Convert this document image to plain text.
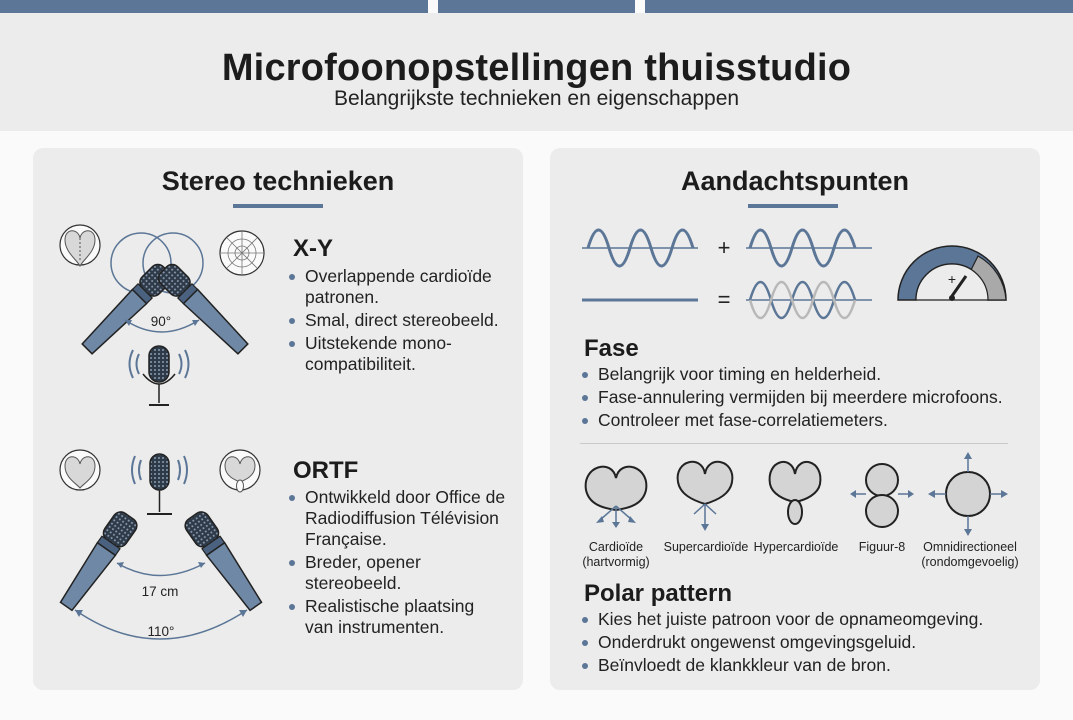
Microfoonopstellingen thuisstudio
Belangrijkste technieken en eigenschappen
Stereo technieken
90°
17 cm
110°
X-Y
Overlappende cardioïde patronen.
Smal, direct stereobeeld.
Uitstekende mono-compatibiliteit.
ORTF
Ontwikkeld door Office de Radiodiffusion Télévision Française.
Breder, opener stereobeeld.
Realistische plaatsing van instrumenten.
Aandachtspunten
+
=
+
Fase
Belangrijk voor timing en helderheid.
Fase-annulering vermijden bij meerdere microfoons.
Controleer met fase-correlatiemeters.
Cardioïde
(hartvormig)
Supercardioïde Hypercardioïde	Figuur-8	Omnidirectioneel
(rondomgevoelig)
Polar pattern
Kies het juiste patroon voor de opnameomgeving.
Onderdrukt ongewenst omgevingsgeluid.
Beïnvloedt de klankkleur van de bron.
